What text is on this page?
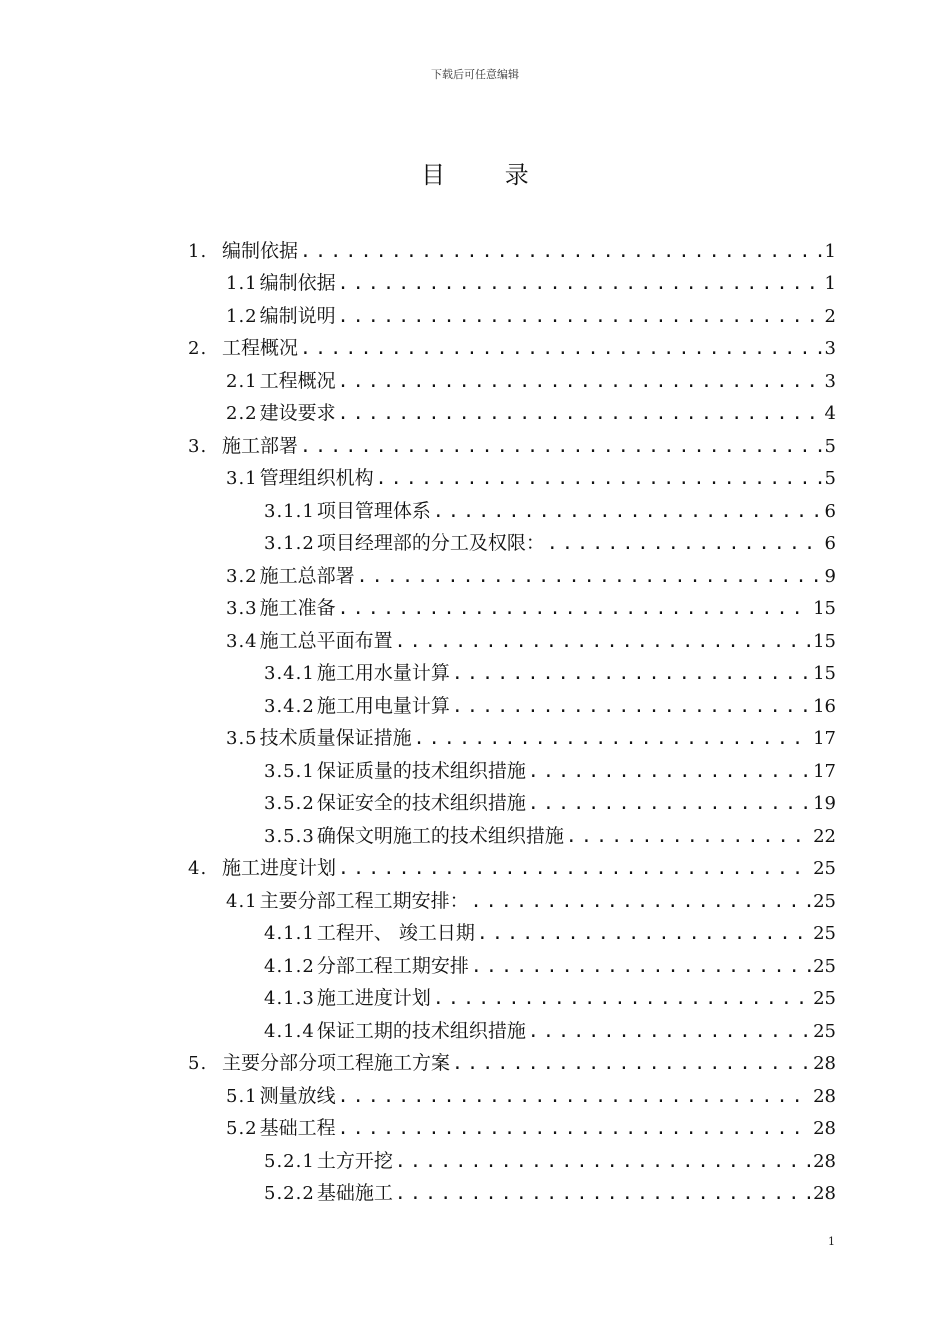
下载后可任意编辑
目 录
1. 编制依据 .....	1
1.1 编制依据 .....	1
1.2 编制说明 .....	2
2. 工程概况 .....	3
2.1 工程概况 .....	3
2.2 建设要求 .....	4
3. 施工部署 .....	5
3.1 管理组织机构 .....	5
3.1.1 项目管理体系 .....	6
3.1.2 项目经理部的分工及权限： .....	6
3.2 施工总部署 .....	9
3.3 施工准备 .....	15
3.4 施工总平面布置 .....	15
3.4.1 施工用水量计算 .....	15
3.4.2 施工用电量计算 .....	16
3.5 技术质量保证措施 .....	17
3.5.1 保证质量的技术组织措施 .....	17
3.5.2 保证安全的技术组织措施 .....	19
3.5.3 确保文明施工的技术组织措施 .....	22
4. 施工进度计划 .....	25
4.1 主要分部工程工期安排： .....	25
4.1.1 工程开、 竣工日期 .....	25
4.1.2 分部工程工期安排 .....	25
4.1.3 施工进度计划 .....	25
4.1.4 保证工期的技术组织措施 .....	25
5. 主要分部分项工程施工方案 .....	28
5.1 测量放线 .....	28
5.2 基础工程 .....	28
5.2.1 土方开挖 .....	28
5.2.2 基础施工 .....	28
1
